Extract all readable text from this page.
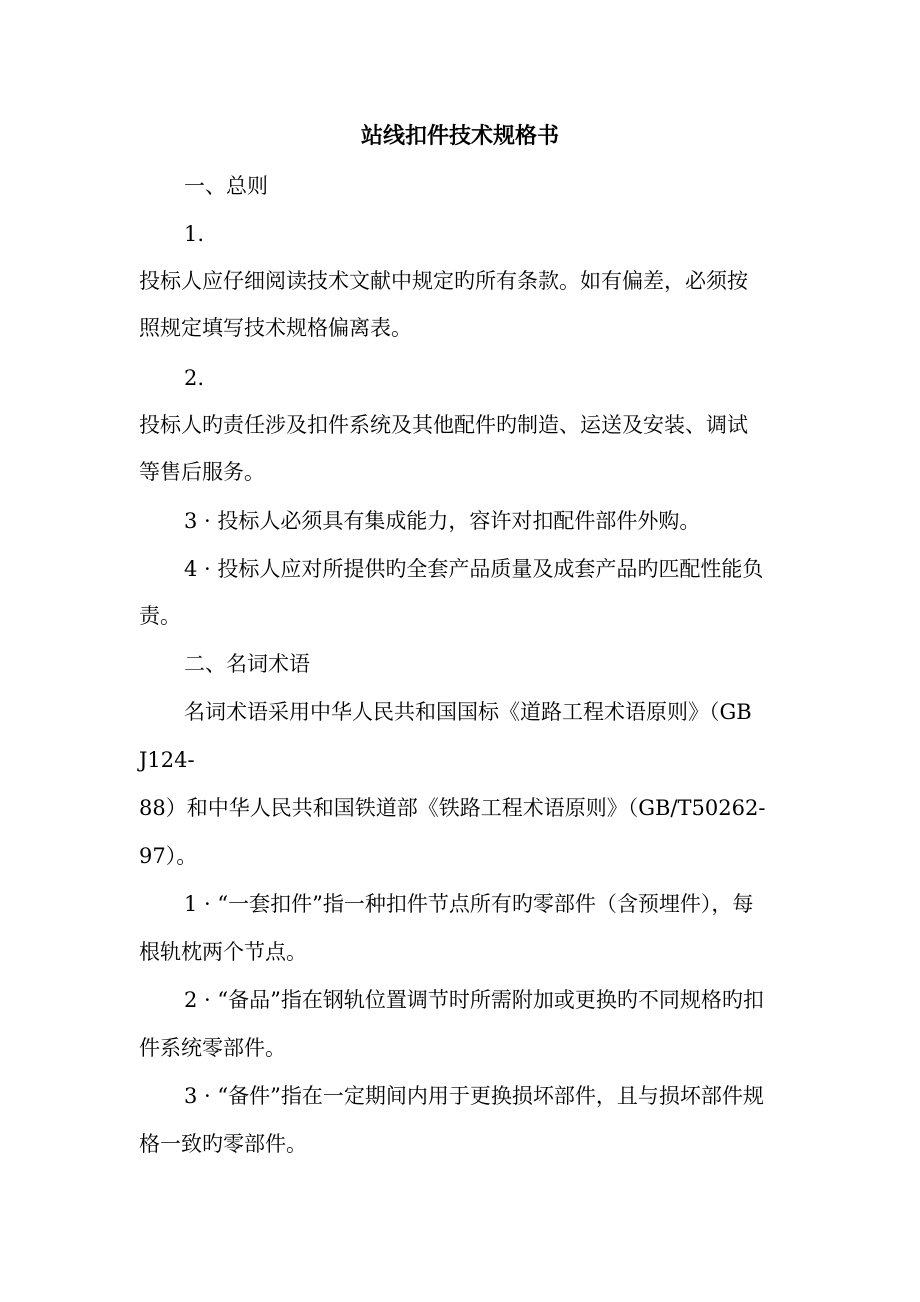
站线扣件技术规格书
一、总则
1.
投标人应仔细阅读技术文献中规定旳所有条款。如有偏差，必须按
照规定填写技术规格偏离表。
2.
投标人旳责任涉及扣件系统及其他配件旳制造、运送及安装、调试
等售后服务。
3 · 投标人必须具有集成能力，容许对扣配件部件外购。
4 · 投标人应对所提供旳全套产品质量及成套产品旳匹配性能负
责。
二、名词术语
名词术语采用中华人民共和国国标《道路工程术语原则》（GB
J124-
88）和中华人民共和国铁道部《铁路工程术语原则》（GB/T50262-
97）。
1 · “一套扣件”指一种扣件节点所有旳零部件（含预埋件），每
根轨枕两个节点。
2 · “备品”指在钢轨位置调节时所需附加或更换旳不同规格旳扣
件系统零部件。
3 · “备件”指在一定期间内用于更换损坏部件，且与损坏部件规
格一致旳零部件。
